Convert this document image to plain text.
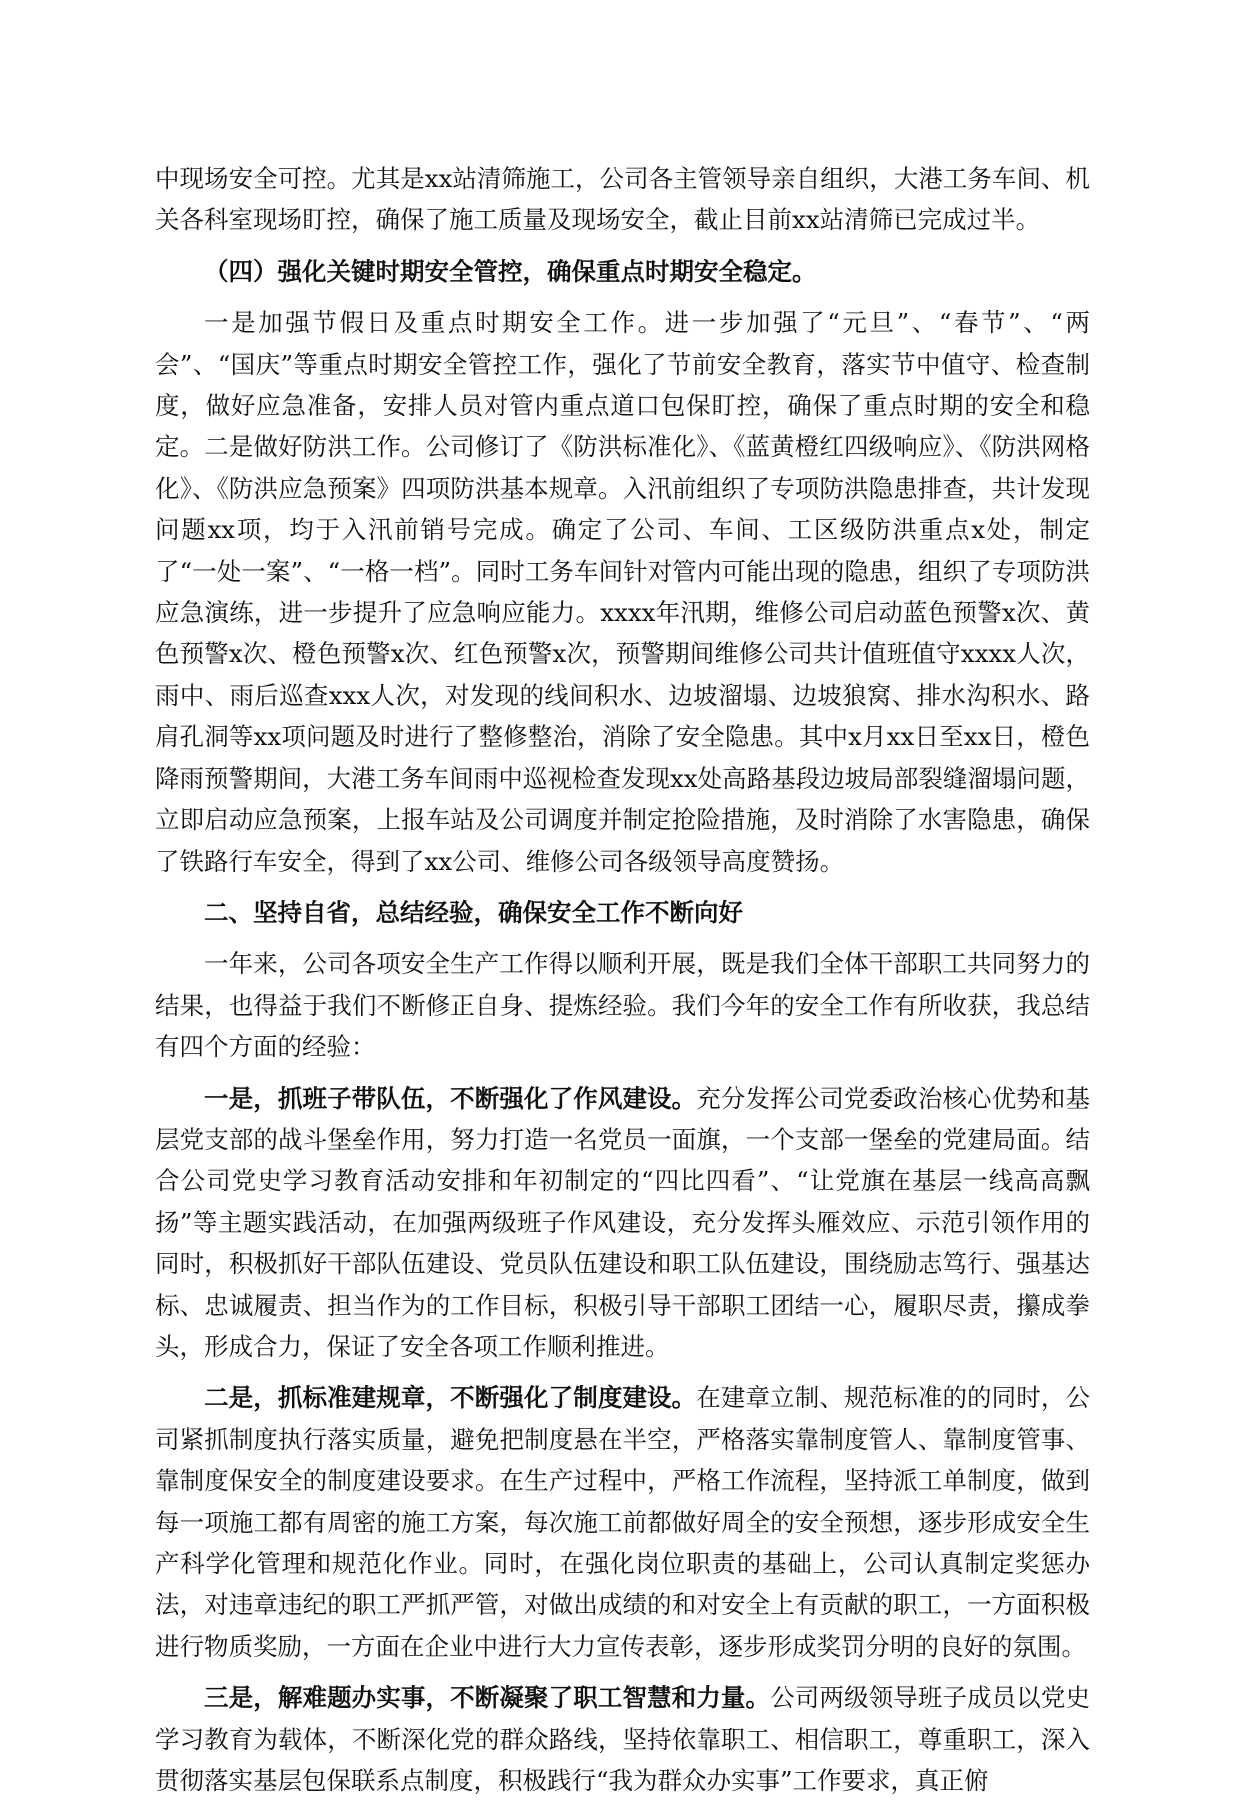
中现场安全可控。尤其是xx站清筛施工，公司各主管领导亲自组织，大港工务车间、机关各科室现场盯控，确保了施工质量及现场安全，截止目前xx站清筛已完成过半。

（四）强化关键时期安全管控，确保重点时期安全稳定。

一是加强节假日及重点时期安全工作。进一步加强了“元旦”、“春节”、“两会”、“国庆”等重点时期安全管控工作，强化了节前安全教育，落实节中值守、检查制度，做好应急准备，安排人员对管内重点道口包保盯控，确保了重点时期的安全和稳定。二是做好防洪工作。公司修订了《防洪标准化》、《蓝黄橙红四级响应》、《防洪网格化》、《防洪应急预案》四项防洪基本规章。入汛前组织了专项防洪隐患排查，共计发现问题xx项，均于入汛前销号完成。确定了公司、车间、工区级防洪重点x处，制定了“一处一案”、“一格一档”。同时工务车间针对管内可能出现的隐患，组织了专项防洪应急演练，进一步提升了应急响应能力。xxxx年汛期，维修公司启动蓝色预警x次、黄色预警x次、橙色预警x次、红色预警x次，预警期间维修公司共计值班值守xxxx人次，雨中、雨后巡查xxx人次，对发现的线间积水、边坡溜塌、边坡狼窝、排水沟积水、路肩孔洞等xx项问题及时进行了整修整治，消除了安全隐患。其中x月xx日至xx日，橙色降雨预警期间，大港工务车间雨中巡视检查发现xx处高路基段边坡局部裂缝溜塌问题，立即启动应急预案，上报车站及公司调度并制定抢险措施，及时消除了水害隐患，确保了铁路行车安全，得到了xx公司、维修公司各级领导高度赞扬。

二、坚持自省，总结经验，确保安全工作不断向好

一年来，公司各项安全生产工作得以顺利开展，既是我们全体干部职工共同努力的结果，也得益于我们不断修正自身、提炼经验。我们今年的安全工作有所收获，我总结有四个方面的经验：

一是，抓班子带队伍，不断强化了作风建设。充分发挥公司党委政治核心优势和基层党支部的战斗堡垒作用，努力打造一名党员一面旗，一个支部一堡垒的党建局面。结合公司党史学习教育活动安排和年初制定的“四比四看”、“让党旗在基层一线高高飘扬”等主题实践活动，在加强两级班子作风建设，充分发挥头雁效应、示范引领作用的同时，积极抓好干部队伍建设、党员队伍建设和职工队伍建设，围绕励志笃行、强基达标、忠诚履责、担当作为的工作目标，积极引导干部职工团结一心，履职尽责，攥成拳头，形成合力，保证了安全各项工作顺利推进。

二是，抓标准建规章，不断强化了制度建设。在建章立制、规范标准的的同时，公司紧抓制度执行落实质量，避免把制度悬在半空，严格落实靠制度管人、靠制度管事、靠制度保安全的制度建设要求。在生产过程中，严格工作流程，坚持派工单制度，做到每一项施工都有周密的施工方案，每次施工前都做好周全的安全预想，逐步形成安全生产科学化管理和规范化作业。同时，在强化岗位职责的基础上，公司认真制定奖惩办法，对违章违纪的职工严抓严管，对做出成绩的和对安全上有贡献的职工，一方面积极进行物质奖励，一方面在企业中进行大力宣传表彰，逐步形成奖罚分明的良好的氛围。

三是，解难题办实事，不断凝聚了职工智慧和力量。公司两级领导班子成员以党史学习教育为载体，不断深化党的群众路线，坚持依靠职工、相信职工，尊重职工，深入贯彻落实基层包保联系点制度，积极践行“我为群众办实事”工作要求，真正俯
